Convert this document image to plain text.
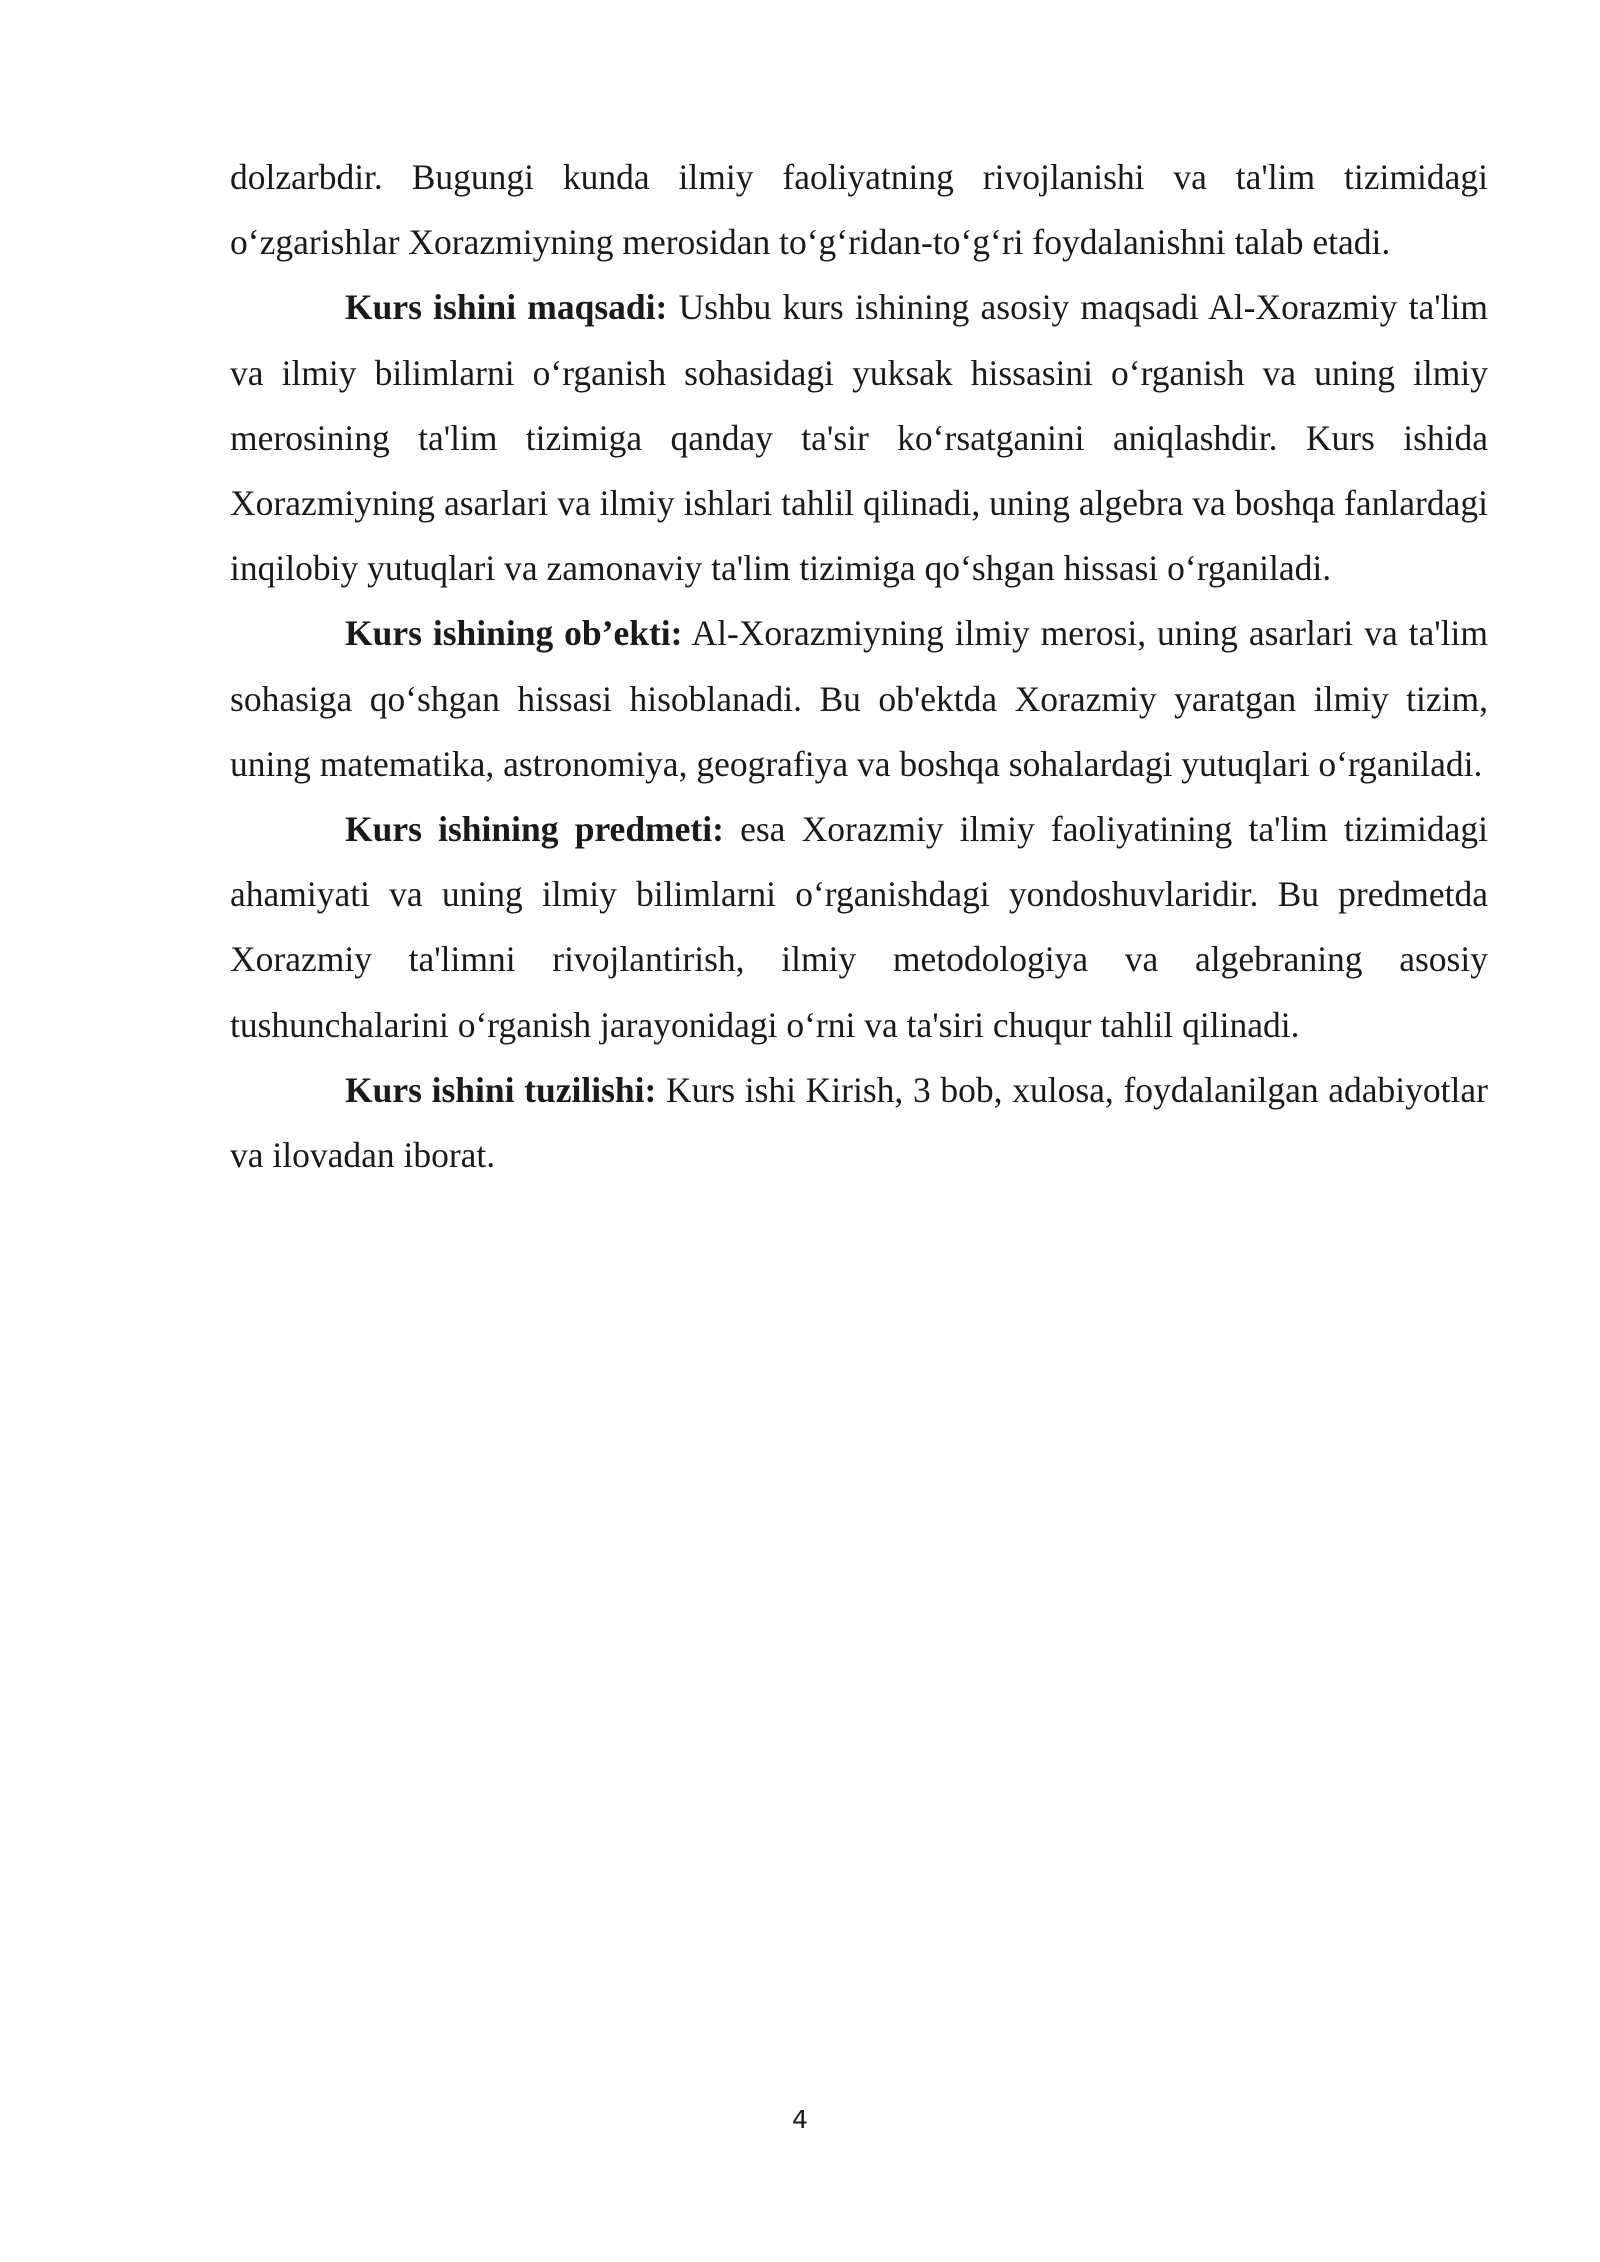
dolzarbdir. Bugungi kunda ilmiy faoliyatning rivojlanishi va ta'lim tizimidagi o‘zgarishlar Xorazmiyning merosidan to‘g‘ridan-to‘g‘ri foydalanishni talab etadi.

Kurs ishini maqsadi: Ushbu kurs ishining asosiy maqsadi Al-Xorazmiy ta'lim va ilmiy bilimlarni o‘rganish sohasidagi yuksak hissasini o‘rganish va uning ilmiy merosining ta'lim tizimiga qanday ta'sir ko‘rsatganini aniqlashdir. Kurs ishida Xorazmiyning asarlari va ilmiy ishlari tahlil qilinadi, uning algebra va boshqa fanlardagi inqilobiy yutuqlari va zamonaviy ta'lim tizimiga qo‘shgan hissasi o‘rganiladi.

Kurs ishining ob’ekti: Al-Xorazmiyning ilmiy merosi, uning asarlari va ta'lim sohasiga qo‘shgan hissasi hisoblanadi. Bu ob'ektda Xorazmiy yaratgan ilmiy tizim, uning matematika, astronomiya, geografiya va boshqa sohalardagi yutuqlari o‘rganiladi.

Kurs ishining predmeti: esa Xorazmiy ilmiy faoliyatining ta'lim tizimidagi ahamiyati va uning ilmiy bilimlarni o‘rganishdagi yondoshuvlaridir. Bu predmetda Xorazmiy ta'limni rivojlantirish, ilmiy metodologiya va algebraning asosiy tushunchalarini o‘rganish jarayonidagi o‘rni va ta'siri chuqur tahlil qilinadi.

Kurs ishini tuzilishi: Kurs ishi Kirish, 3 bob, xulosa, foydalanilgan adabiyotlar va ilovadan iborat.

4
